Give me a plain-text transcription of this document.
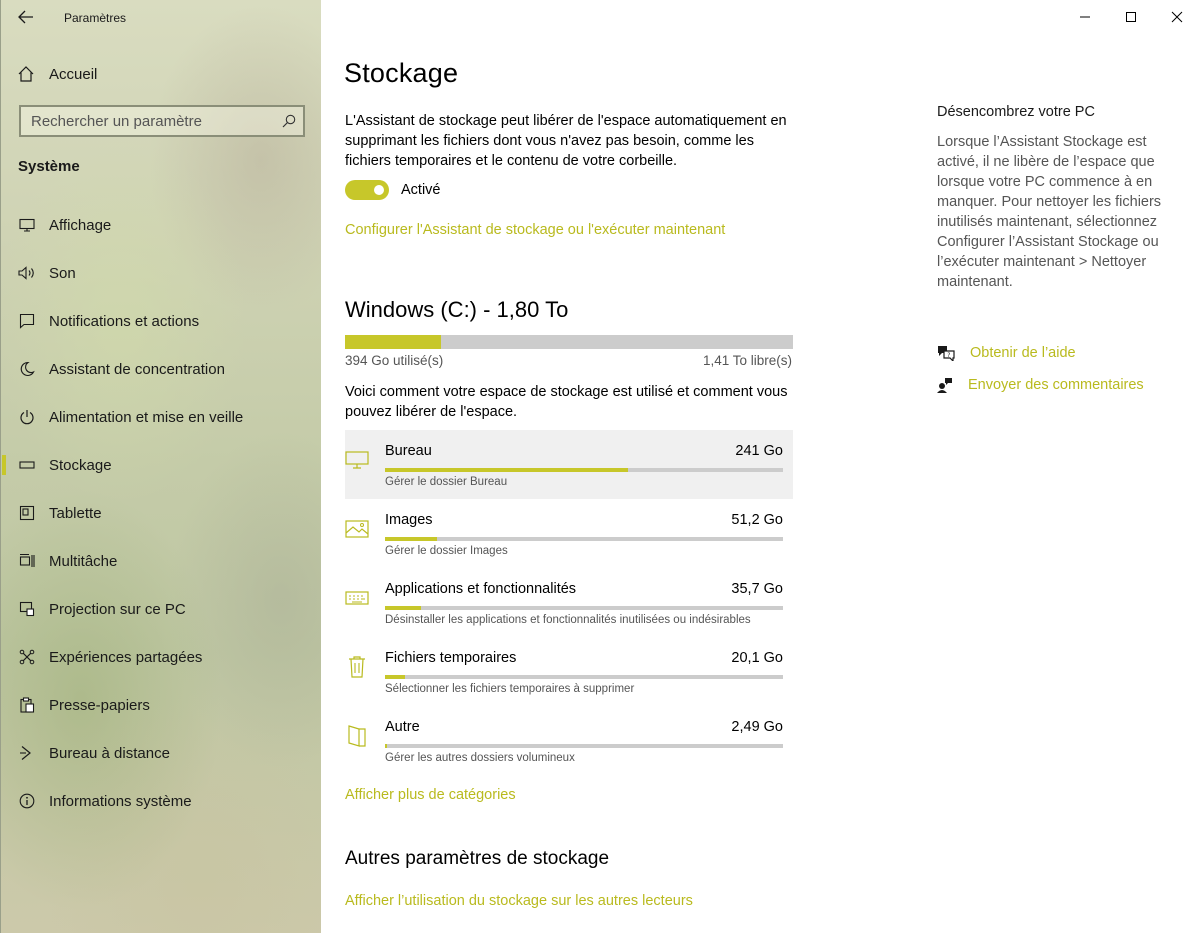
Paramètres
Accueil
Rechercher un paramètre
Système
Affichage
Son
Notifications et actions
Assistant de concentration
Alimentation et mise en veille
Stockage
Tablette
Multitâche
Projection sur ce PC
Expériences partagées
Presse-papiers
Bureau à distance
Informations système
Stockage
L'Assistant de stockage peut libérer de l'espace automatiquement en supprimant les fichiers dont vous n'avez pas besoin, comme les fichiers temporaires et le contenu de votre corbeille.
Activé
Configurer l'Assistant de stockage ou l'exécuter maintenant
Windows (C:) - 1,80 To
394 Go utilisé(s)	1,41 To libre(s)
Voici comment votre espace de stockage est utilisé et comment vous pouvez libérer de l'espace.
Bureau	241 Go
Gérer le dossier Bureau
Images	51,2 Go
Gérer le dossier Images
Applications et fonctionnalités	35,7 Go
Désinstaller les applications et fonctionnalités inutilisées ou indésirables
Fichiers temporaires	20,1 Go
Sélectionner les fichiers temporaires à supprimer
Autre	2,49 Go
Gérer les autres dossiers volumineux
Afficher plus de catégories
Autres paramètres de stockage
Afficher l’utilisation du stockage sur les autres lecteurs
Désencombrez votre PC
Lorsque l’Assistant Stockage est activé, il ne libère de l’espace que lorsque votre PC commence à en manquer. Pour nettoyer les fichiers inutilisés maintenant, sélectionnez Configurer l’Assistant Stockage ou l’exécuter maintenant > Nettoyer maintenant.
? Obtenir de l’aide
Envoyer des commentaires
